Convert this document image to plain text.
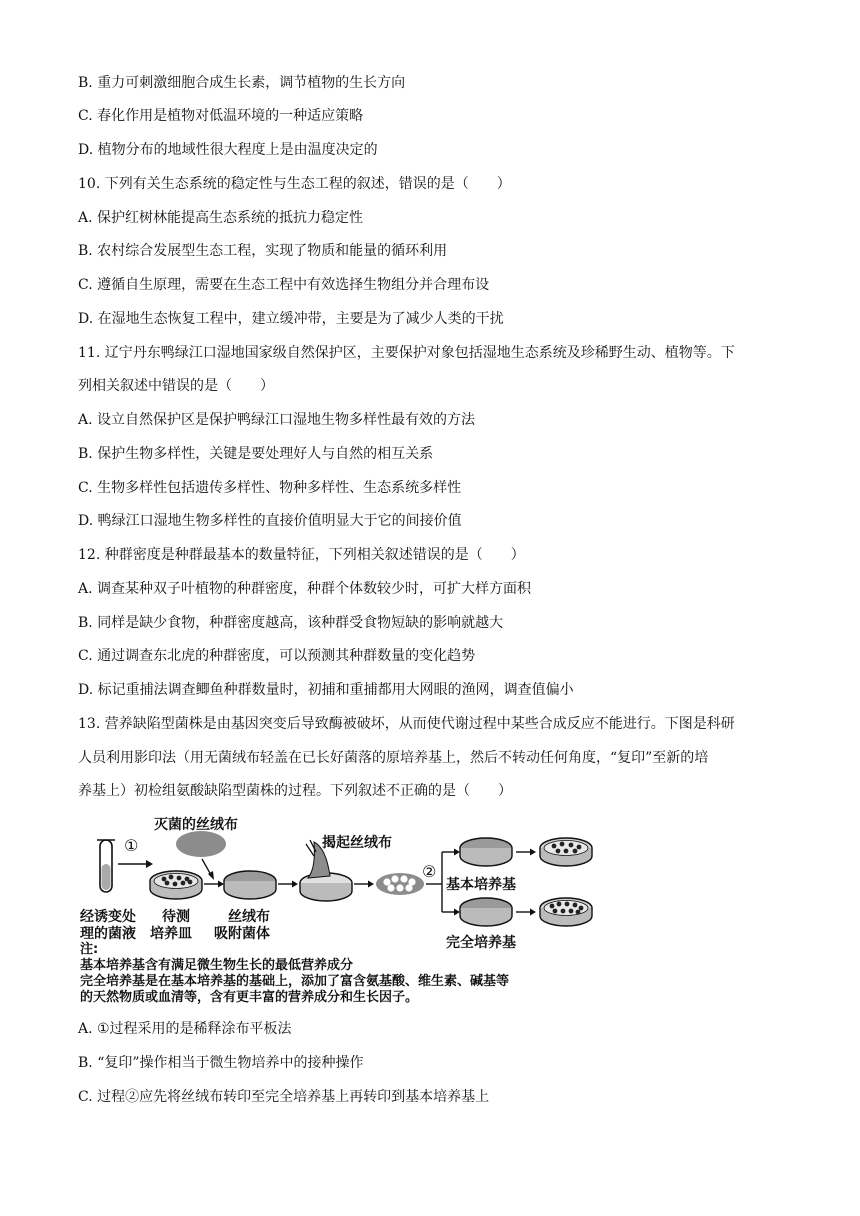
B. 重力可刺激细胞合成生长素，调节植物的生长方向
C. 春化作用是植物对低温环境的一种适应策略
D. 植物分布的地域性很大程度上是由温度决定的
10. 下列有关生态系统的稳定性与生态工程的叙述，错误的是（　　）
A. 保护红树林能提高生态系统的抵抗力稳定性
B. 农村综合发展型生态工程，实现了物质和能量的循环利用
C. 遵循自生原理，需要在生态工程中有效选择生物组分并合理布设
D. 在湿地生态恢复工程中，建立缓冲带，主要是为了减少人类的干扰
11. 辽宁丹东鸭绿江口湿地国家级自然保护区，主要保护对象包括湿地生态系统及珍稀野生动、植物等。下
列相关叙述中错误的是（　　）
A. 设立自然保护区是保护鸭绿江口湿地生物多样性最有效的方法
B. 保护生物多样性，关键是要处理好人与自然的相互关系
C. 生物多样性包括遗传多样性、物种多样性、生态系统多样性
D. 鸭绿江口湿地生物多样性的直接价值明显大于它的间接价值
12. 种群密度是种群最基本的数量特征，下列相关叙述错误的是（　　）
A. 调查某种双子叶植物的种群密度，种群个体数较少时，可扩大样方面积
B. 同样是缺少食物，种群密度越高，该种群受食物短缺的影响就越大
C. 通过调查东北虎的种群密度，可以预测其种群数量的变化趋势
D. 标记重捕法调查鲫鱼种群数量时，初捕和重捕都用大网眼的渔网，调查值偏小
13. 营养缺陷型菌株是由基因突变后导致酶被破坏，从而使代谢过程中某些合成反应不能进行。下图是科研
人员利用影印法（用无菌绒布轻盖在已长好菌落的原培养基上，然后不转动任何角度，“复印”至新的培
养基上）初检组氨酸缺陷型菌株的过程。下列叙述不正确的是（　　）
灭菌的丝绒布
揭起丝绒布
①
②
经诱变处
理的菌液
待测
培养皿
丝绒布
吸附菌体
基本培养基
完全培养基
注:
基本培养基含有满足微生物生长的最低营养成分
完全培养基是在基本培养基的基础上，添加了富含氨基酸、维生素、碱基等
的天然物质或血清等，含有更丰富的营养成分和生长因子。
A. ①过程采用的是稀释涂布平板法
B. “复印”操作相当于微生物培养中的接种操作
C. 过程②应先将丝绒布转印至完全培养基上再转印到基本培养基上
